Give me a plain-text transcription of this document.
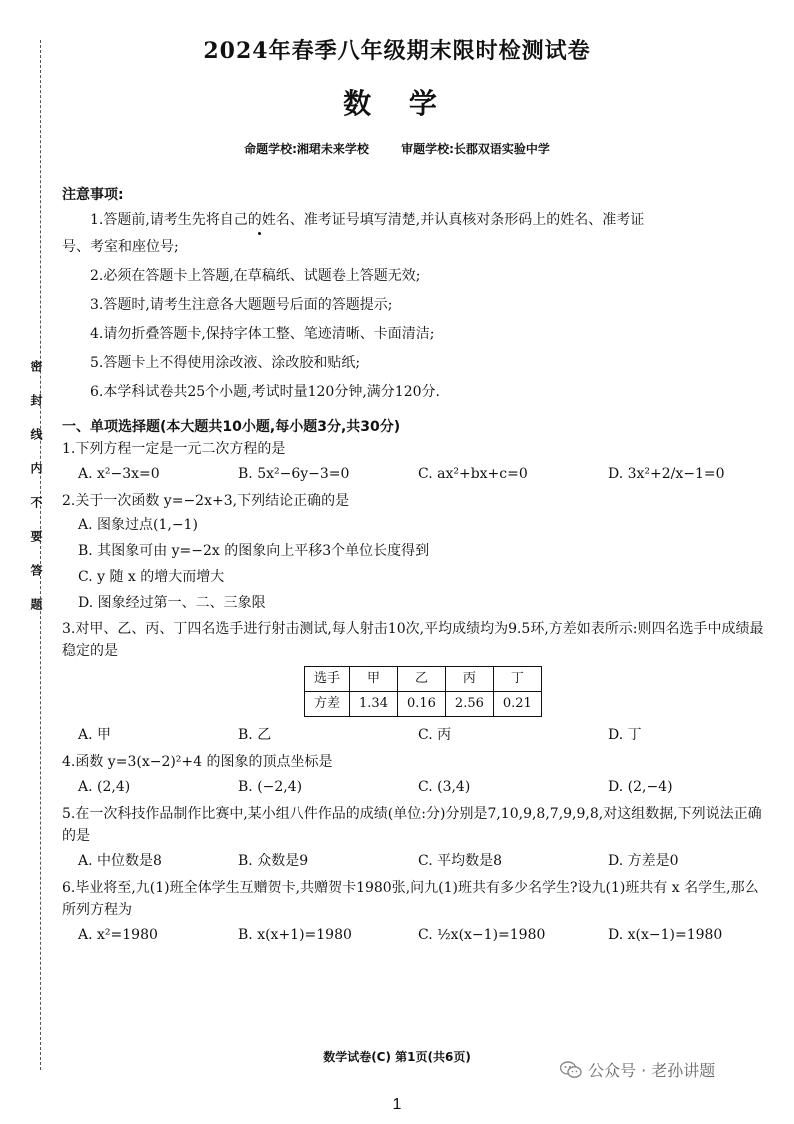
密封线内不要答题
2024年春季八年级期末限时检测试卷
数 学
命题学校:湘珺未来学校	审题学校:长郡双语实验中学
注意事项:
1.答题前,请考生先将自己的姓名、准考证号填写清楚,并认真核对条形码上的姓名、准考证
号、考室和座位号;
2.必须在答题卡上答题,在草稿纸、试题卷上答题无效;
3.答题时,请考生注意各大题题号后面的答题提示;
4.请勿折叠答题卡,保持字体工整、笔迹清晰、卡面清洁;
5.答题卡上不得使用涂改液、涂改胶和贴纸;
6.本学科试卷共25个小题,考试时量120分钟,满分120分.
一、单项选择题(本大题共10小题,每小题3分,共30分)
1.下列方程一定是一元二次方程的是
A. x²−3x=0	B. 5x²−6y−3=0	C. ax²+bx+c=0	D. 3x²+2/x−1=0
2.关于一次函数 y=−2x+3,下列结论正确的是
A. 图象过点(1,−1)
B. 其图象可由 y=−2x 的图象向上平移3个单位长度得到
C. y 随 x 的增大而增大
D. 图象经过第一、二、三象限
3.对甲、乙、丙、丁四名选手进行射击测试,每人射击10次,平均成绩均为9.5环,方差如表所示:则四名选手中成绩最稳定的是
选手	甲	乙	丙	丁
方差	1.34	0.16	2.56	0.21
A. 甲	B. 乙	C. 丙	D. 丁
4.函数 y=3(x−2)²+4 的图象的顶点坐标是
A. (2,4)	B. (−2,4)	C. (3,4)	D. (2,−4)
5.在一次科技作品制作比赛中,某小组八件作品的成绩(单位:分)分别是7,10,9,8,7,9,9,8,对这组数据,下列说法正确的是
A. 中位数是8	B. 众数是9	C. 平均数是8	D. 方差是0
6.毕业将至,九(1)班全体学生互赠贺卡,共赠贺卡1980张,问九(1)班共有多少名学生?设九(1)班共有 x 名学生,那么所列方程为
A. x²=1980	B. x(x+1)=1980	C. ½x(x−1)=1980	D. x(x−1)=1980
数学试卷(C) 第1页(共6页)
公众号 · 老孙讲题
1
